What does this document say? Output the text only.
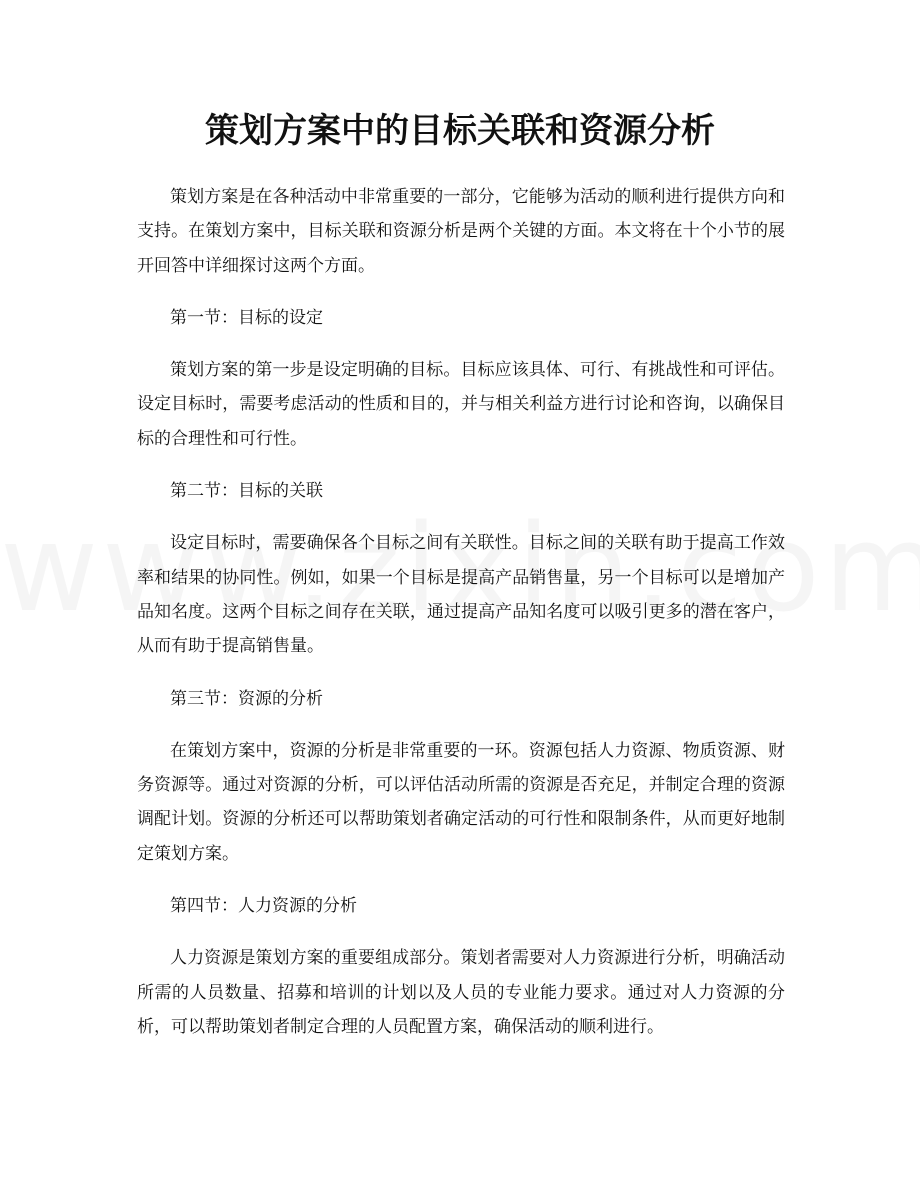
策划方案中的目标关联和资源分析

策划方案是在各种活动中非常重要的一部分，它能够为活动的顺利进行提供方向和支持。在策划方案中，目标关联和资源分析是两个关键的方面。本文将在十个小节的展开回答中详细探讨这两个方面。

第一节：目标的设定

策划方案的第一步是设定明确的目标。目标应该具体、可行、有挑战性和可评估。设定目标时，需要考虑活动的性质和目的，并与相关利益方进行讨论和咨询，以确保目标的合理性和可行性。

第二节：目标的关联

设定目标时，需要确保各个目标之间有关联性。目标之间的关联有助于提高工作效率和结果的协同性。例如，如果一个目标是提高产品销售量，另一个目标可以是增加产品知名度。这两个目标之间存在关联，通过提高产品知名度可以吸引更多的潜在客户，从而有助于提高销售量。

第三节：资源的分析

在策划方案中，资源的分析是非常重要的一环。资源包括人力资源、物质资源、财务资源等。通过对资源的分析，可以评估活动所需的资源是否充足，并制定合理的资源调配计划。资源的分析还可以帮助策划者确定活动的可行性和限制条件，从而更好地制定策划方案。

第四节：人力资源的分析

人力资源是策划方案的重要组成部分。策划者需要对人力资源进行分析，明确活动所需的人员数量、招募和培训的计划以及人员的专业能力要求。通过对人力资源的分析，可以帮助策划者制定合理的人员配置方案，确保活动的顺利进行。
